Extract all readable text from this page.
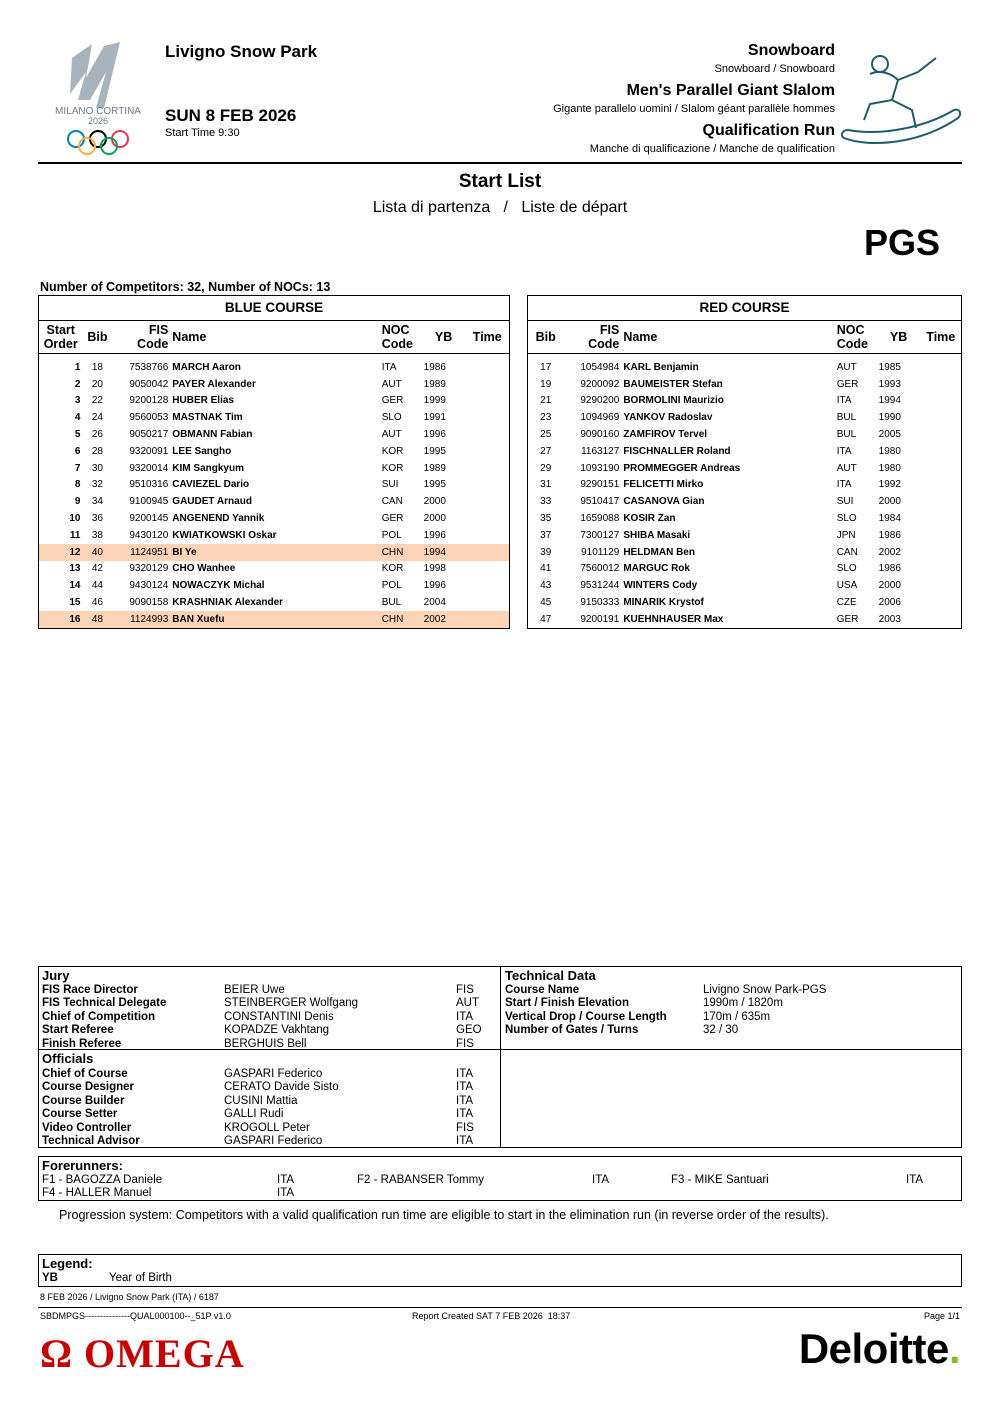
MILANO CORTINA
2026
Livigno Snow Park
SUN 8 FEB 2026
Start Time 9:30
Snowboard
Snowboard / Snowboard
Men's Parallel Giant Slalom
Gigante parallelo uomini / Slalom géant parallèle hommes
Qualification Run
Manche di qualificazione / Manche de qualification
Start List
Lista di partenza   /   Liste de départ
PGS
Number of Competitors: 32, Number of NOCs: 13
BLUE COURSE						
Start Order	Bib	FIS Code	Name	NOC Code	YB	Time

1	18	7538766	MARCH Aaron	ITA	1986	
2	20	9050042	PAYER Alexander	AUT	1989	
3	22	9200128	HUBER Elias	GER	1999	
4	24	9560053	MASTNAK Tim	SLO	1991	
5	26	9050217	OBMANN Fabian	AUT	1996	
6	28	9320091	LEE Sangho	KOR	1995	
7	30	9320014	KIM Sangkyum	KOR	1989	
8	32	9510316	CAVIEZEL Dario	SUI	1995	
9	34	9100945	GAUDET Arnaud	CAN	2000	
10	36	9200145	ANGENEND Yannik	GER	2000	
11	38	9430120	KWIATKOWSKI Oskar	POL	1996	
12	40	1124951	BI Ye	CHN	1994	
13	42	9320129	CHO Wanhee	KOR	1998	
14	44	9430124	NOWACZYK Michal	POL	1996	
15	46	9090158	KRASHNIAK Alexander	BUL	2004	
16	48	1124993	BAN Xuefu	CHN	2002	
RED COURSE					
Bib	FIS Code	Name	NOC Code	YB	Time

17	1054984	KARL Benjamin	AUT	1985	
19	9200092	BAUMEISTER Stefan	GER	1993	
21	9290200	BORMOLINI Maurizio	ITA	1994	
23	1094969	YANKOV Radoslav	BUL	1990	
25	9090160	ZAMFIROV Tervel	BUL	2005	
27	1163127	FISCHNALLER Roland	ITA	1980	
29	1093190	PROMMEGGER Andreas	AUT	1980	
31	9290151	FELICETTI Mirko	ITA	1992	
33	9510417	CASANOVA Gian	SUI	2000	
35	1659088	KOSIR Zan	SLO	1984	
37	7300127	SHIBA Masaki	JPN	1986	
39	9101129	HELDMAN Ben	CAN	2002	
41	7560012	MARGUC Rok	SLO	1986	
43	9531244	WINTERS Cody	USA	2000	
45	9150333	MINARIK Krystof	CZE	2006	
47	9200191	KUEHNHAUSER Max	GER	2003	
Jury
FIS Race Director	BEIER Uwe	FIS
FIS Technical Delegate	STEINBERGER Wolfgang	AUT
Chief of Competition	CONSTANTINI Denis	ITA
Start Referee	KOPADZE Vakhtang	GEO
Finish Referee	BERGHUIS Bell	FIS
Officials
Chief of Course	GASPARI Federico	ITA
Course Designer	CERATO Davide Sisto	ITA
Course Builder	CUSINI Mattia	ITA
Course Setter	GALLI Rudi	ITA
Video Controller	KROGOLL Peter	FIS
Technical Advisor	GASPARI Federico	ITA
Technical Data
Course Name	Livigno Snow Park-PGS
Start / Finish Elevation	1990m / 1820m
Vertical Drop / Course Length	170m / 635m
Number of Gates / Turns	32 / 30
Forerunners:
F1 - BAGOZZA Daniele	ITA	F2 - RABANSER Tommy	ITA	F3 - MIKE Santuari	ITA
F4 - HALLER Manuel	ITA
Progression system: Competitors with a valid qualification run time are eligible to start in the elimination run (in reverse order of the results).
Legend:
YB	Year of Birth
8 FEB 2026 / Livigno Snow Park (ITA) / 6187
SBDMPGS---------------QUAL000100--_51P v1.0	Report Created SAT 7 FEB 2026  18:37	Page 1/1
Ω OMEGA	Deloitte.
